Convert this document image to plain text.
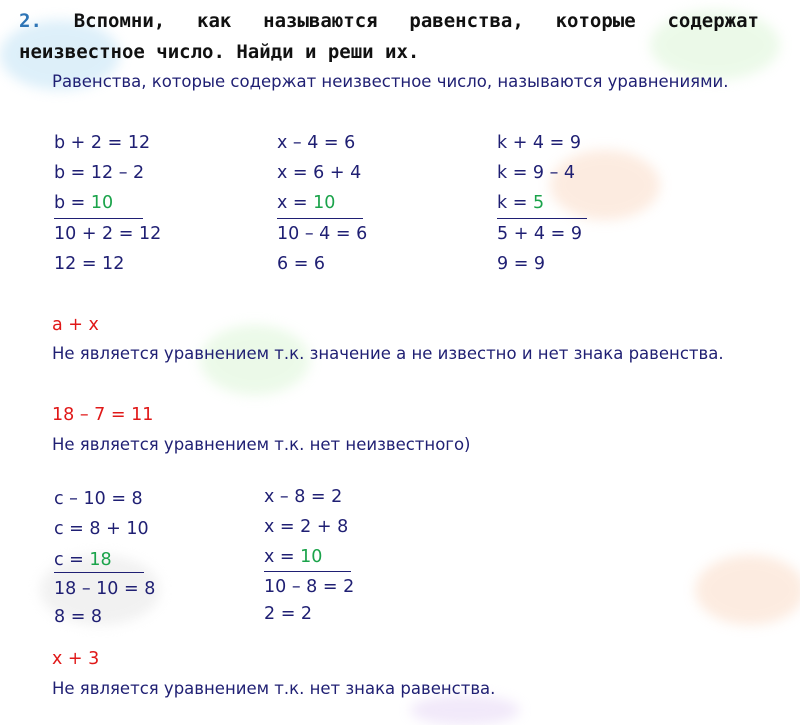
2. Вспомни, как называются равенства, которые содержат неизвестное число. Найди и реши их.
Равенства, которые содержат неизвестное число, называются уравнениями.
b + 2 = 12
b = 12 – 2
b = 10
10 + 2 = 12
12 = 12
x – 4 = 6
x = 6 + 4
x = 10
10 – 4 = 6
6 = 6
k + 4 = 9
k = 9 – 4
k = 5
5 + 4 = 9
9 = 9
a + x
Не является уравнением т.к. значение a не известно и нет знака равенства.
18 – 7 = 11
Не является уравнением т.к. нет неизвестного)
c – 10 = 8
c = 8 + 10
c = 18
18 – 10 = 8
8 = 8
x – 8 = 2
x = 2 + 8
x = 10
10 – 8 = 2
2 = 2
x + 3
Не является уравнением т.к. нет знака равенства.
